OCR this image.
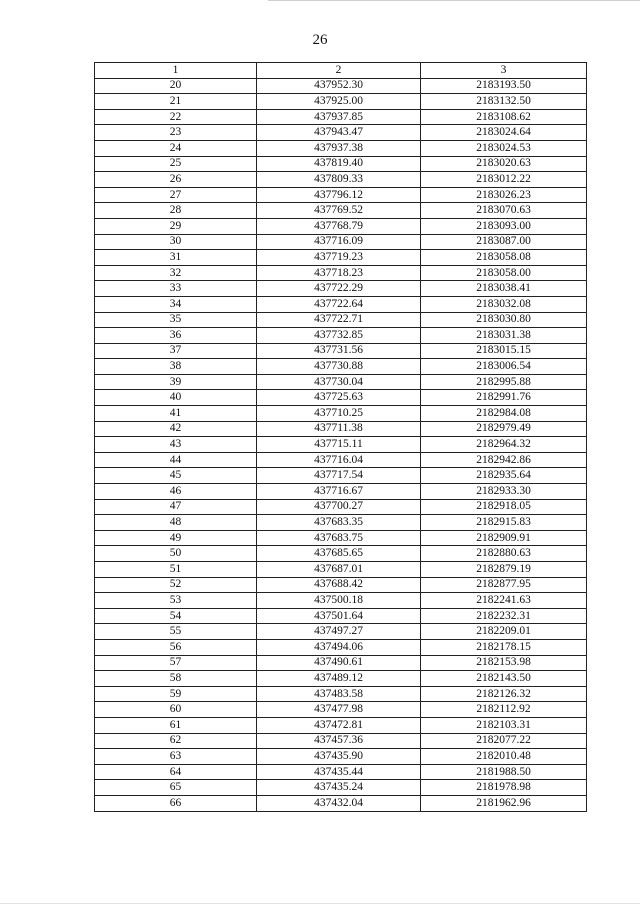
26
1	2	3
20	437952.30	2183193.50
21	437925.00	2183132.50
22	437937.85	2183108.62
23	437943.47	2183024.64
24	437937.38	2183024.53
25	437819.40	2183020.63
26	437809.33	2183012.22
27	437796.12	2183026.23
28	437769.52	2183070.63
29	437768.79	2183093.00
30	437716.09	2183087.00
31	437719.23	2183058.08
32	437718.23	2183058.00
33	437722.29	2183038.41
34	437722.64	2183032.08
35	437722.71	2183030.80
36	437732.85	2183031.38
37	437731.56	2183015.15
38	437730.88	2183006.54
39	437730.04	2182995.88
40	437725.63	2182991.76
41	437710.25	2182984.08
42	437711.38	2182979.49
43	437715.11	2182964.32
44	437716.04	2182942.86
45	437717.54	2182935.64
46	437716.67	2182933.30
47	437700.27	2182918.05
48	437683.35	2182915.83
49	437683.75	2182909.91
50	437685.65	2182880.63
51	437687.01	2182879.19
52	437688.42	2182877.95
53	437500.18	2182241.63
54	437501.64	2182232.31
55	437497.27	2182209.01
56	437494.06	2182178.15
57	437490.61	2182153.98
58	437489.12	2182143.50
59	437483.58	2182126.32
60	437477.98	2182112.92
61	437472.81	2182103.31
62	437457.36	2182077.22
63	437435.90	2182010.48
64	437435.44	2181988.50
65	437435.24	2181978.98
66	437432.04	2181962.96
